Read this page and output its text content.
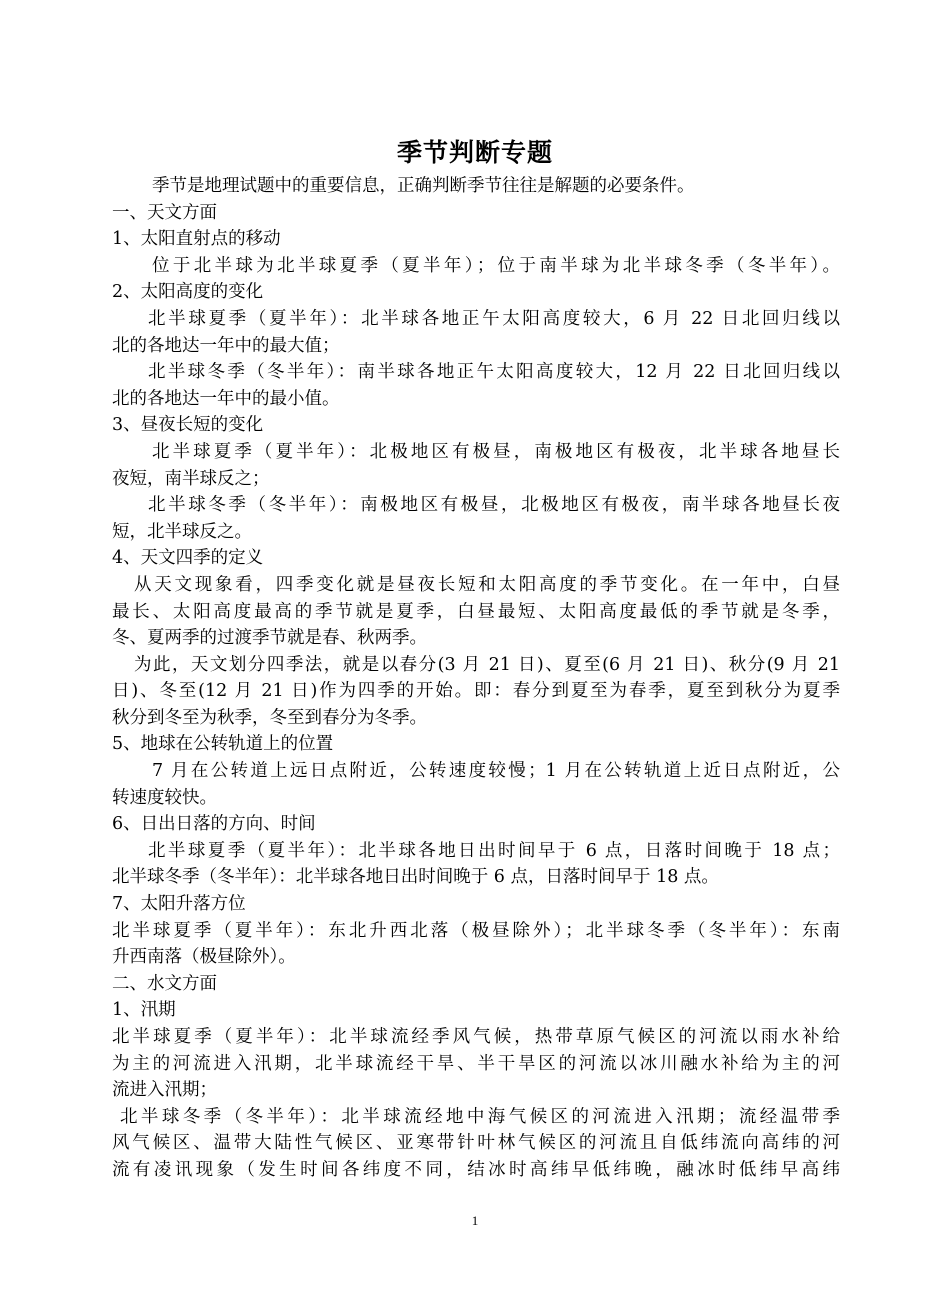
季节判断专题
季节是地理试题中的重要信息，正确判断季节往往是解题的必要条件。
一、天文方面
1、太阳直射点的移动
位于北半球为北半球夏季（夏半年）；位于南半球为北半球冬季（冬半年）。
2、太阳高度的变化
北半球夏季（夏半年）：北半球各地正午太阳高度较大，6 月 22 日北回归线以
北的各地达一年中的最大值；
北半球冬季（冬半年）：南半球各地正午太阳高度较大，12 月 22 日北回归线以
北的各地达一年中的最小值。
3、昼夜长短的变化
北半球夏季（夏半年）：北极地区有极昼，南极地区有极夜，北半球各地昼长
夜短，南半球反之；
北半球冬季（冬半年）：南极地区有极昼，北极地区有极夜，南半球各地昼长夜
短，北半球反之。
4、天文四季的定义
从天文现象看，四季变化就是昼夜长短和太阳高度的季节变化。在一年中，白昼
最长、太阳高度最高的季节就是夏季，白昼最短、太阳高度最低的季节就是冬季，
冬、夏两季的过渡季节就是春、秋两季。
为此，天文划分四季法，就是以春分(3 月 21 日)、夏至(6 月 21 日)、秋分(9 月 21
日)、冬至(12 月 21 日)作为四季的开始。即：春分到夏至为春季，夏至到秋分为夏季
秋分到冬至为秋季，冬至到春分为冬季。
5、地球在公转轨道上的位置
7 月在公转道上远日点附近，公转速度较慢；1 月在公转轨道上近日点附近，公
转速度较快。
6、日出日落的方向、时间
北半球夏季（夏半年）：北半球各地日出时间早于 6 点，日落时间晚于 18 点；
北半球冬季（冬半年）：北半球各地日出时间晚于 6 点，日落时间早于 18 点。
7、太阳升落方位
北半球夏季（夏半年）：东北升西北落（极昼除外）；北半球冬季（冬半年）：东南
升西南落（极昼除外）。
二、水文方面
1、汛期
北半球夏季（夏半年）：北半球流经季风气候，热带草原气候区的河流以雨水补给
为主的河流进入汛期，北半球流经干旱、半干旱区的河流以冰川融水补给为主的河
流进入汛期；
北半球冬季（冬半年）：北半球流经地中海气候区的河流进入汛期；流经温带季
风气候区、温带大陆性气候区、亚寒带针叶林气候区的河流且自低纬流向高纬的河
流有凌讯现象（发生时间各纬度不同，结冰时高纬早低纬晚，融冰时低纬早高纬
1
